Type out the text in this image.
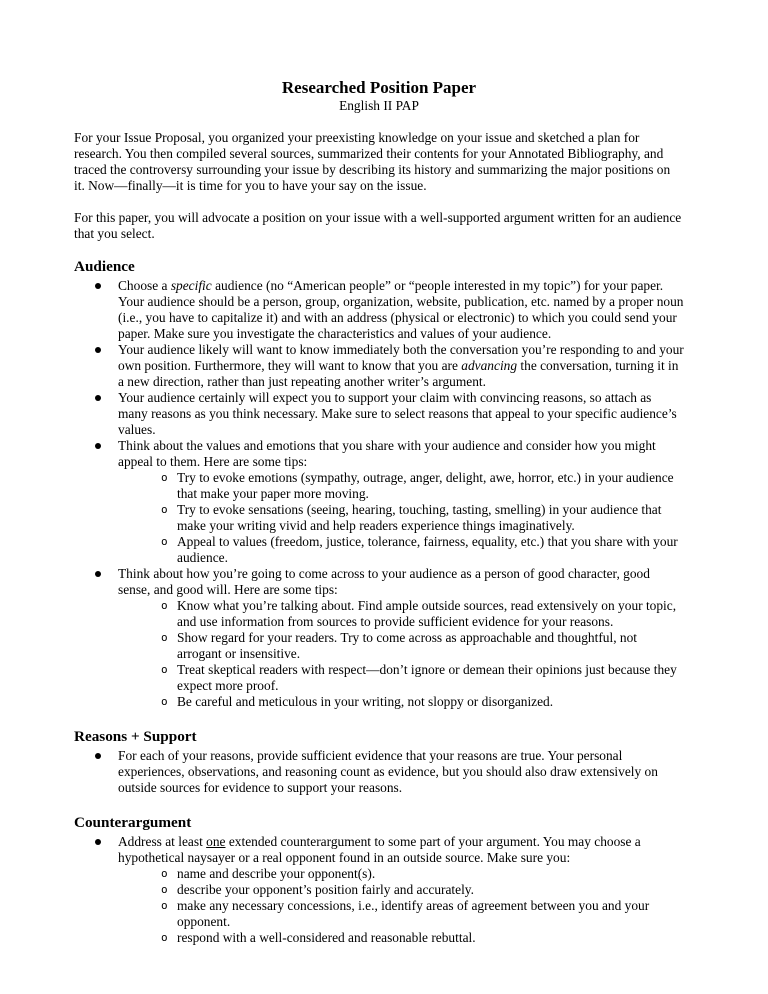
Researched Position Paper
English II PAP

For your Issue Proposal, you organized your preexisting knowledge on your issue and sketched a plan for research. You then compiled several sources, summarized their contents for your Annotated Bibliography, and traced the controversy surrounding your issue by describing its history and summarizing the major positions on it. Now—finally—it is time for you to have your say on the issue.

For this paper, you will advocate a position on your issue with a well-supported argument written for an audience that you select.

Audience
Choose a specific audience (no “American people” or “people interested in my topic”) for your paper. Your audience should be a person, group, organization, website, publication, etc. named by a proper noun (i.e., you have to capitalize it) and with an address (physical or electronic) to which you could send your paper. Make sure you investigate the characteristics and values of your audience.
Your audience likely will want to know immediately both the conversation you’re responding to and your own position. Furthermore, they will want to know that you are advancing the conversation, turning it in a new direction, rather than just repeating another writer’s argument.
Your audience certainly will expect you to support your claim with convincing reasons, so attach as many reasons as you think necessary. Make sure to select reasons that appeal to your specific audience’s values.
Think about the values and emotions that you share with your audience and consider how you might appeal to them. Here are some tips:
o Try to evoke emotions (sympathy, outrage, anger, delight, awe, horror, etc.) in your audience that make your paper more moving.
o Try to evoke sensations (seeing, hearing, touching, tasting, smelling) in your audience that make your writing vivid and help readers experience things imaginatively.
o Appeal to values (freedom, justice, tolerance, fairness, equality, etc.) that you share with your audience.
Think about how you’re going to come across to your audience as a person of good character, good sense, and good will. Here are some tips:
o Know what you’re talking about. Find ample outside sources, read extensively on your topic, and use information from sources to provide sufficient evidence for your reasons.
o Show regard for your readers. Try to come across as approachable and thoughtful, not arrogant or insensitive.
o Treat skeptical readers with respect—don’t ignore or demean their opinions just because they expect more proof.
o Be careful and meticulous in your writing, not sloppy or disorganized.
Reasons + Support
For each of your reasons, provide sufficient evidence that your reasons are true. Your personal experiences, observations, and reasoning count as evidence, but you should also draw extensively on outside sources for evidence to support your reasons.
Counterargument
Address at least one extended counterargument to some part of your argument. You may choose a hypothetical naysayer or a real opponent found in an outside source. Make sure you:
o name and describe your opponent(s).
o describe your opponent’s position fairly and accurately.
o make any necessary concessions, i.e., identify areas of agreement between you and your opponent.
o respond with a well-considered and reasonable rebuttal.
